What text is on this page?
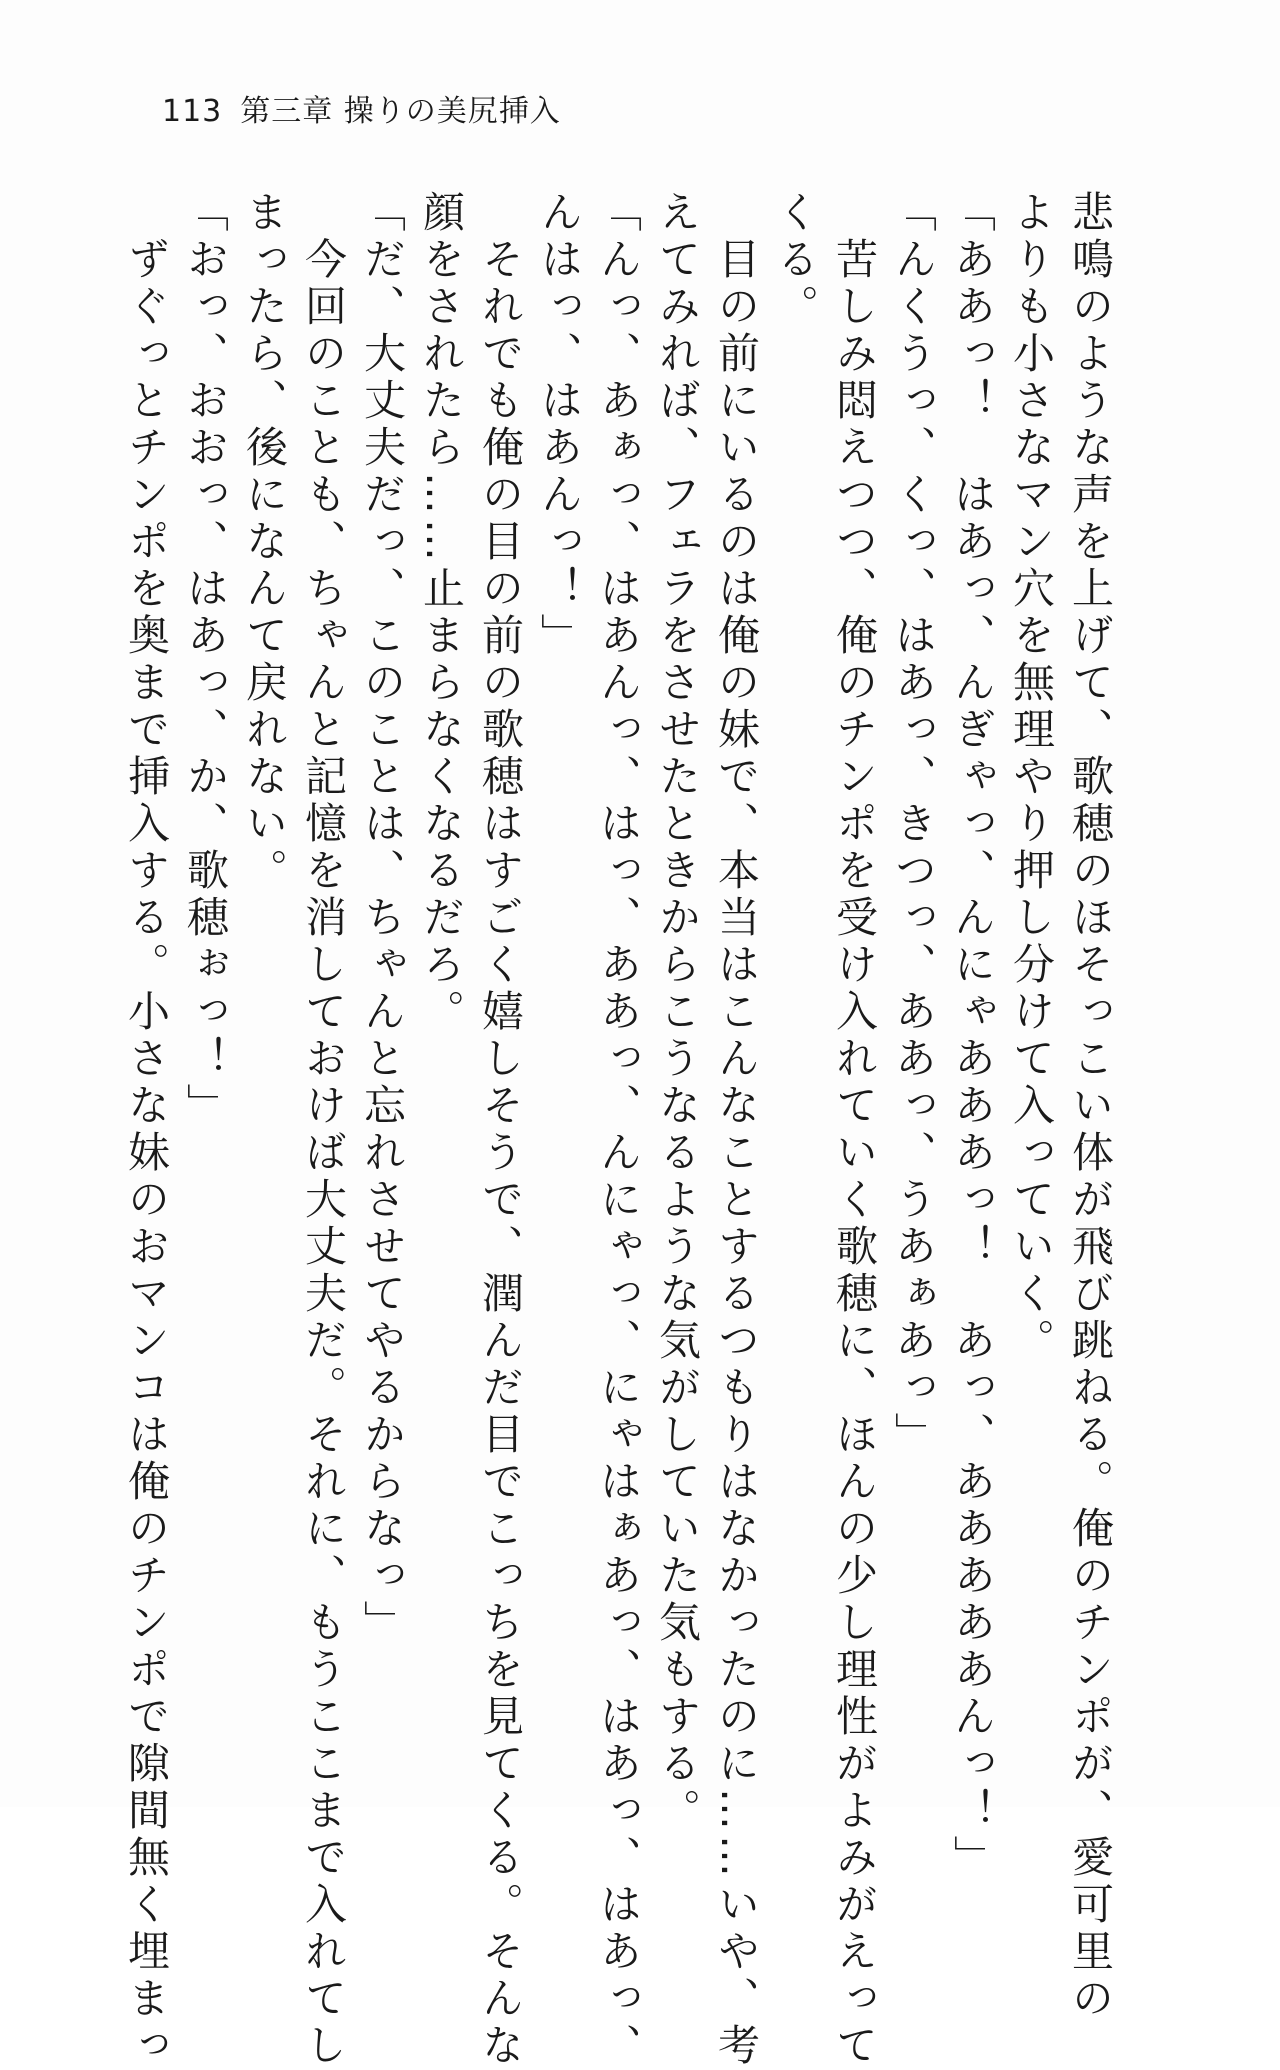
113 第三章 操りの美尻挿入
悲鳴のような声を上げて、歌穂のほそっこい体が飛び跳ねる。俺のチンポが、愛可里の
よりも小さなマン穴を無理やり押し分けて入っていく。
「ああっ！　はあっ、んぎゃっ、んにゃあああっ！　あっ、あああああんっ！」
「んくうっ、くっ、はあっ、きつっ、ああっ、うあぁあっ」
　苦しみ悶えつつ、俺のチンポを受け入れていく歌穂に、ほんの少し理性がよみがえって
くる。
　目の前にいるのは俺の妹で、本当はこんなことするつもりはなかったのに……いや、考
えてみれば、フェラをさせたときからこうなるような気がしていた気もする。
「んっ、あぁっ、はあんっ、はっ、ああっ、んにゃっ、にゃはぁあっ、はあっ、はあっ、
んはっ、はあんっ！」
　それでも俺の目の前の歌穂はすごく嬉しそうで、潤んだ目でこっちを見てくる。そんな
顔をされたら……止まらなくなるだろ。
「だ、大丈夫だっ、このことは、ちゃんと忘れさせてやるからなっ」
　今回のことも、ちゃんと記憶を消しておけば大丈夫だ。それに、もうここまで入れてし
まったら、後になんて戻れない。
「おっ、おおっ、はあっ、か、歌穂ぉっ！」
　ずぐっとチンポを奥まで挿入する。小さな妹のおマンコは俺のチンポで隙間無く埋まっ
